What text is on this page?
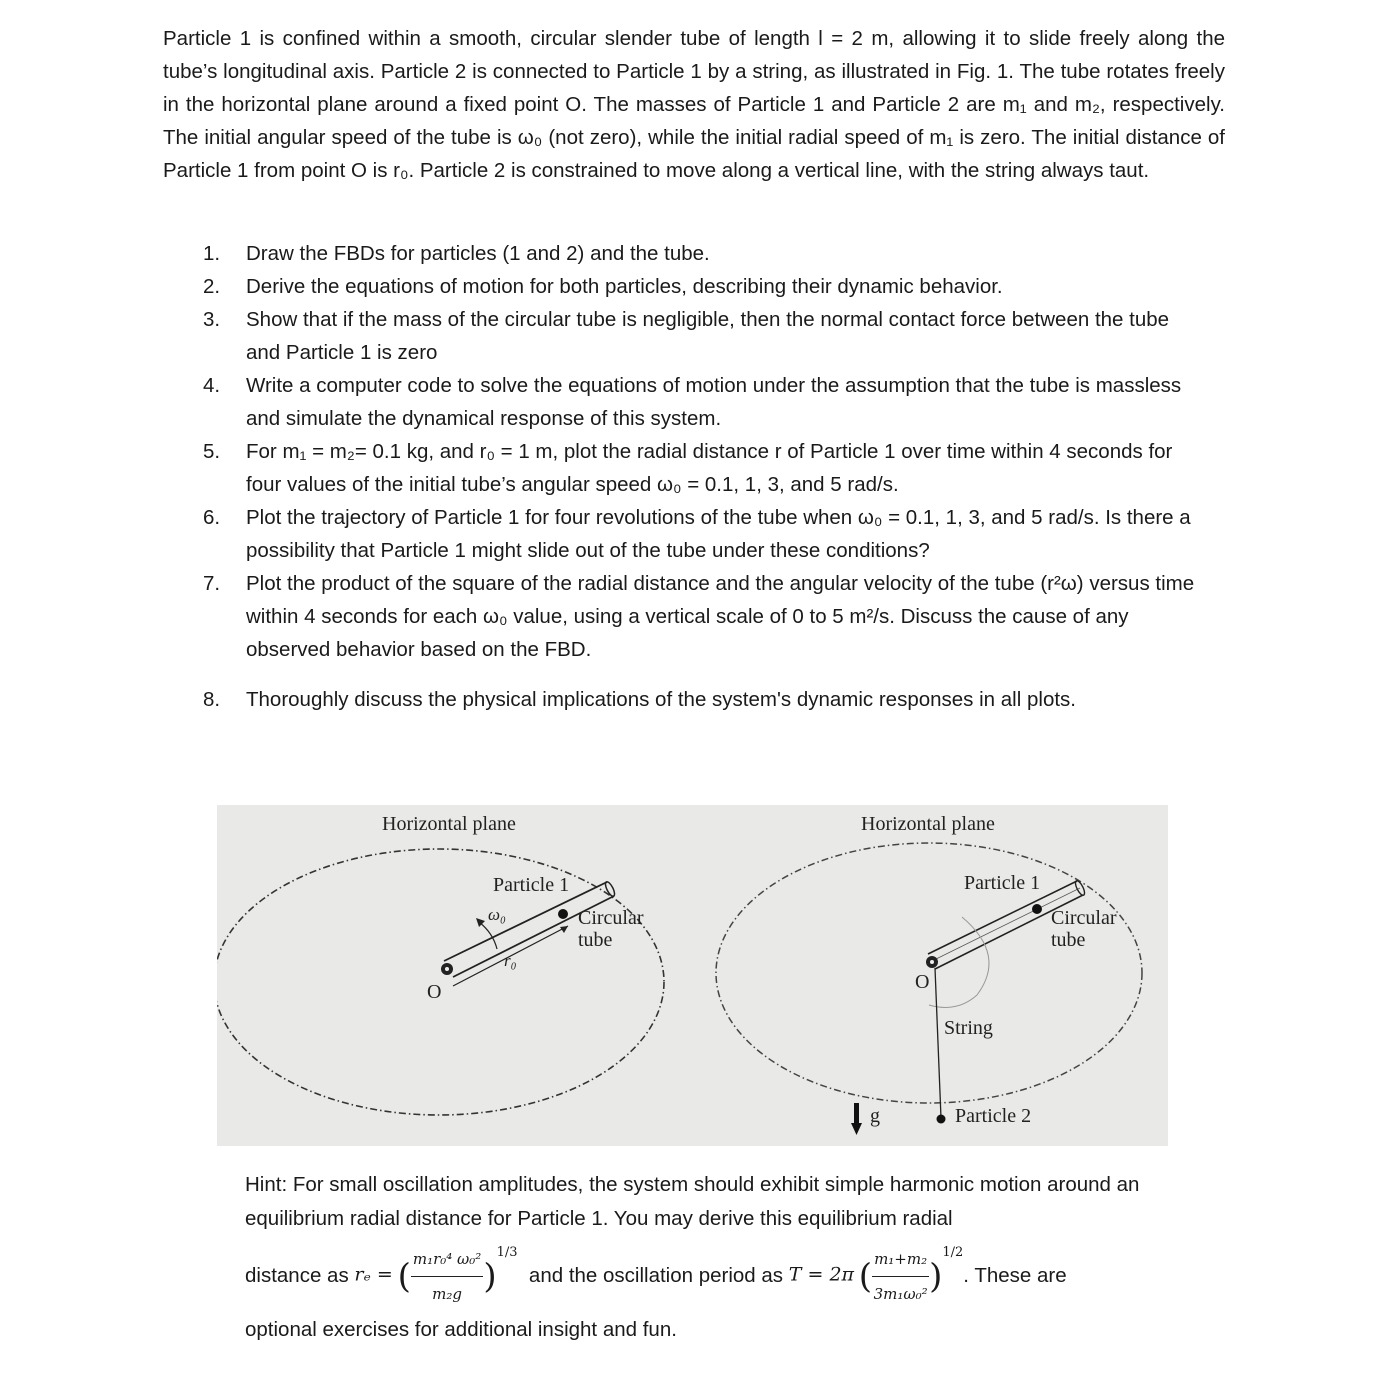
Particle 1 is confined within a smooth, circular slender tube of length l = 2 m, allowing it to slide freely along the tube’s longitudinal axis. Particle 2 is connected to Particle 1 by a string, as illustrated in Fig. 1. The tube rotates freely in the horizontal plane around a fixed point O. The masses of Particle 1 and Particle 2 are m₁ and m₂, respectively. The initial angular speed of the tube is ω₀ (not zero), while the initial radial speed of m₁ is zero. The initial distance of Particle 1 from point O is r₀. Particle 2 is constrained to move along a vertical line, with the string always taut.

1. Draw the FBDs for particles (1 and 2) and the tube.
2. Derive the equations of motion for both particles, describing their dynamic behavior.
3. Show that if the mass of the circular tube is negligible, then the normal contact force between the tube and Particle 1 is zero
4. Write a computer code to solve the equations of motion under the assumption that the tube is massless and simulate the dynamical response of this system.
5. For m₁ = m₂= 0.1 kg, and r₀ = 1 m, plot the radial distance r of Particle 1 over time within 4 seconds for four values of the initial tube’s angular speed ω₀ = 0.1, 1, 3, and 5 rad/s.
6. Plot the trajectory of Particle 1 for four revolutions of the tube when ω₀ = 0.1, 1, 3, and 5 rad/s. Is there a possibility that Particle 1 might slide out of the tube under these conditions?
7. Plot the product of the square of the radial distance and the angular velocity of the tube (r²ω) versus time within 4 seconds for each ω₀ value, using a vertical scale of 0 to 5 m²/s. Discuss the cause of any observed behavior based on the FBD.
8. Thoroughly discuss the physical implications of the system's dynamic responses in all plots.
Horizontal plane
Particle 1
ω₀	Circular
tube
r₀
O
Horizontal plane
Particle 1
Circular
tube
O
String
Particle 2
g
Hint: For small oscillation amplitudes, the system should exhibit simple harmonic motion around an equilibrium radial distance for Particle 1. You may derive this equilibrium radial
distance as rₑ = ( $\frac{\text{m₁r₀⁴ ω₀²}}{\text{m₂g}} )^{1/3}$  and the oscillation period as T = 2π ( $\frac{\text{m₁+m₂}}{\text{3m₁ω₀²}} )^{1/2}$. These are
optional exercises for additional insight and fun.
